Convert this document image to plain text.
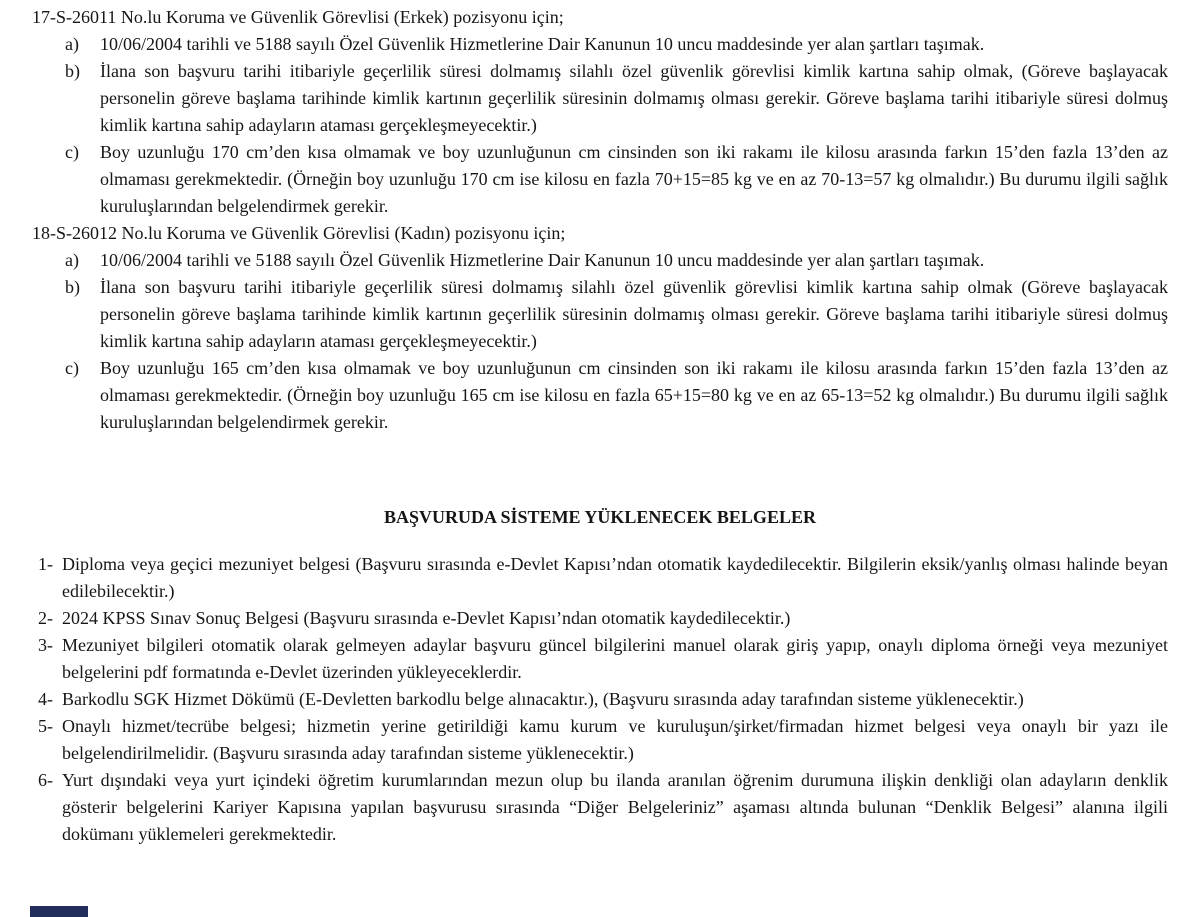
17-S-26011 No.lu Koruma ve Güvenlik Görevlisi (Erkek) pozisyonu için;
a) 10/06/2004 tarihli ve 5188 sayılı Özel Güvenlik Hizmetlerine Dair Kanunun 10 uncu maddesinde yer alan şartları taşımak.
b) İlana son başvuru tarihi itibariyle geçerlilik süresi dolmamış silahlı özel güvenlik görevlisi kimlik kartına sahip olmak, (Göreve başlayacak personelin göreve başlama tarihinde kimlik kartının geçerlilik süresinin dolmamış olması gerekir. Göreve başlama tarihi itibariyle süresi dolmuş kimlik kartına sahip adayların ataması gerçekleşmeyecektir.)
c) Boy uzunluğu 170 cm’den kısa olmamak ve boy uzunluğunun cm cinsinden son iki rakamı ile kilosu arasında farkın 15’den fazla 13’den az olmaması gerekmektedir. (Örneğin boy uzunluğu 170 cm ise kilosu en fazla 70+15=85 kg ve en az 70-13=57 kg olmalıdır.) Bu durumu ilgili sağlık kuruluşlarından belgelendirmek gerekir.
18-S-26012 No.lu Koruma ve Güvenlik Görevlisi (Kadın) pozisyonu için;
a) 10/06/2004 tarihli ve 5188 sayılı Özel Güvenlik Hizmetlerine Dair Kanunun 10 uncu maddesinde yer alan şartları taşımak.
b) İlana son başvuru tarihi itibariyle geçerlilik süresi dolmamış silahlı özel güvenlik görevlisi kimlik kartına sahip olmak (Göreve başlayacak personelin göreve başlama tarihinde kimlik kartının geçerlilik süresinin dolmamış olması gerekir. Göreve başlama tarihi itibariyle süresi dolmuş kimlik kartına sahip adayların ataması gerçekleşmeyecektir.)
c) Boy uzunluğu 165 cm’den kısa olmamak ve boy uzunluğunun cm cinsinden son iki rakamı ile kilosu arasında farkın 15’den fazla 13’den az olmaması gerekmektedir. (Örneğin boy uzunluğu 165 cm ise kilosu en fazla 65+15=80 kg ve en az 65-13=52 kg olmalıdır.) Bu durumu ilgili sağlık kuruluşlarından belgelendirmek gerekir.
BAŞVURUDA SİSTEME YÜKLENECEK BELGELER
1- Diploma veya geçici mezuniyet belgesi (Başvuru sırasında e-Devlet Kapısı’ndan otomatik kaydedilecektir. Bilgilerin eksik/yanlış olması halinde beyan edilebilecektir.)
2- 2024 KPSS Sınav Sonuç Belgesi (Başvuru sırasında e-Devlet Kapısı’ndan otomatik kaydedilecektir.)
3- Mezuniyet bilgileri otomatik olarak gelmeyen adaylar başvuru güncel bilgilerini manuel olarak giriş yapıp, onaylı diploma örneği veya mezuniyet belgelerini pdf formatında e-Devlet üzerinden yükleyeceklerdir.
4- Barkodlu SGK Hizmet Dökümü (E-Devletten barkodlu belge alınacaktır.), (Başvuru sırasında aday tarafından sisteme yüklenecektir.)
5- Onaylı hizmet/tecrübe belgesi; hizmetin yerine getirildiği kamu kurum ve kuruluşun/şirket/firmadan hizmet belgesi veya onaylı bir yazı ile belgelendirilmelidir. (Başvuru sırasında aday tarafından sisteme yüklenecektir.)
6- Yurt dışındaki veya yurt içindeki öğretim kurumlarından mezun olup bu ilanda aranılan öğrenim durumuna ilişkin denkliği olan adayların denklik gösterir belgelerini Kariyer Kapısına yapılan başvurusu sırasında “Diğer Belgeleriniz” aşaması altında bulunan “Denklik Belgesi” alanına ilgili dokümanı yüklemeleri gerekmektedir.
